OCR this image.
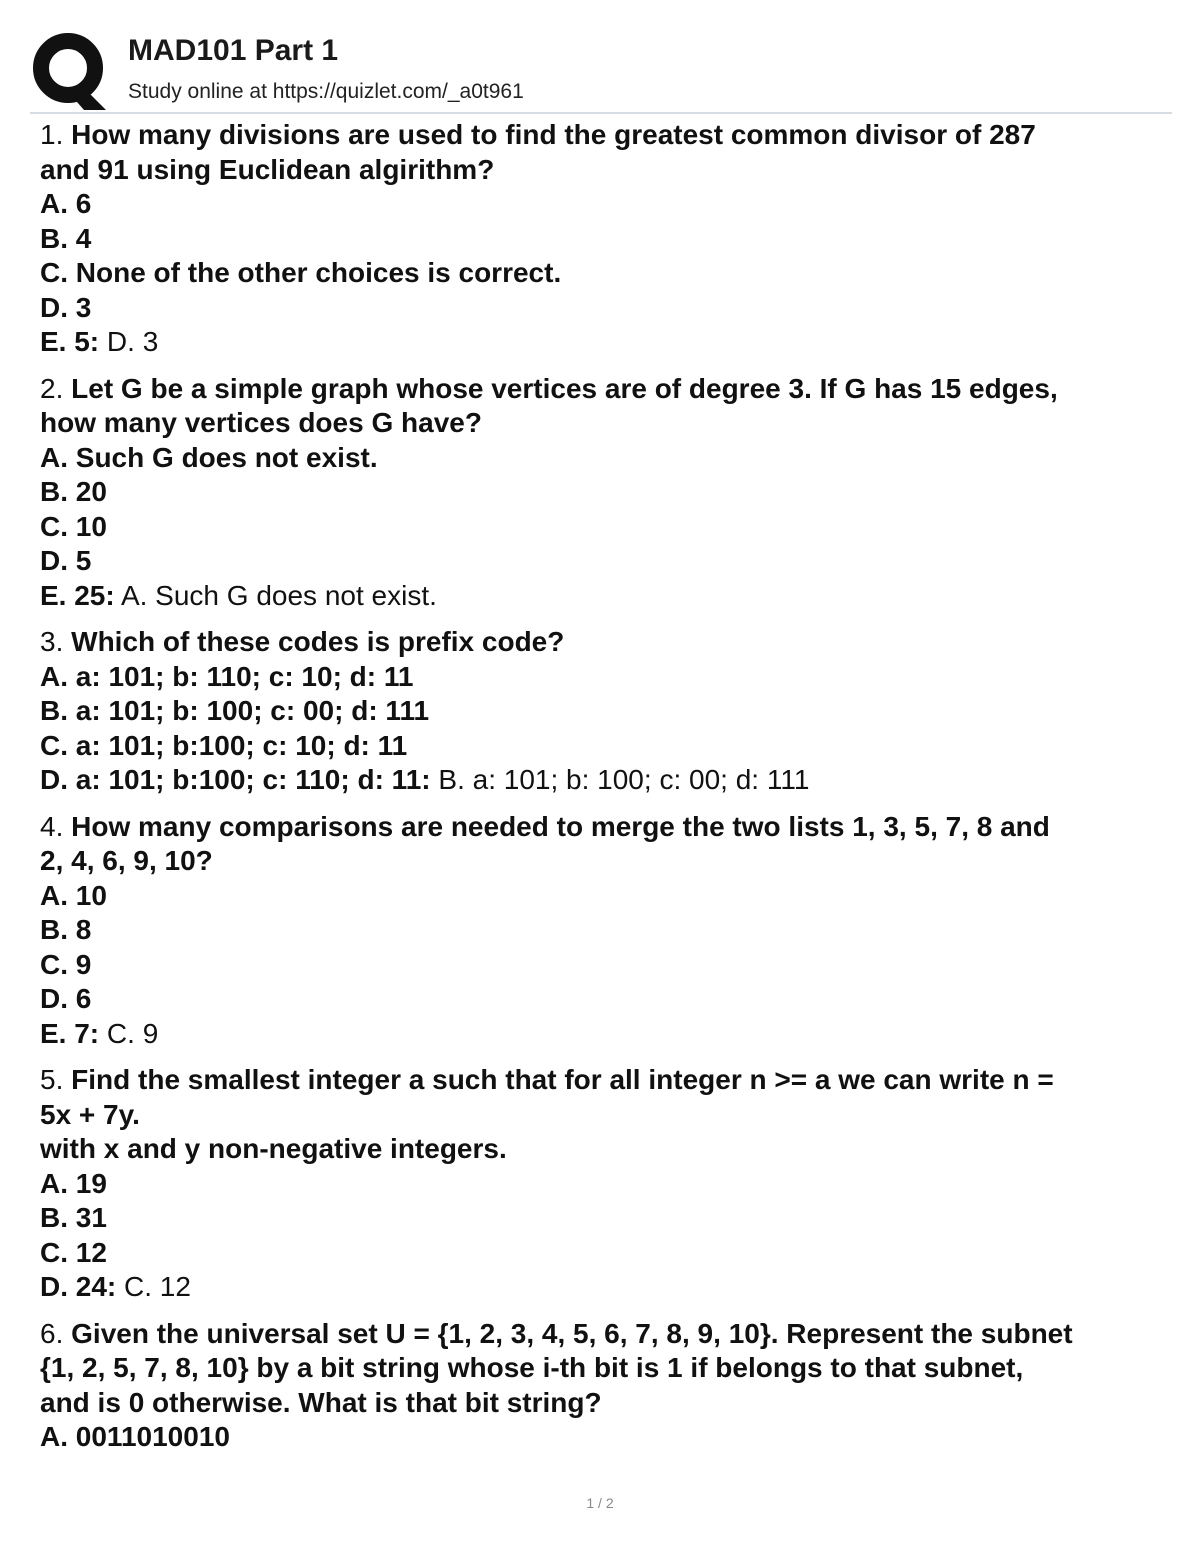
MAD101 Part 1
Study online at https://quizlet.com/_a0t961
1. How many divisions are used to find the greatest common divisor of 287
and 91 using Euclidean algirithm?
A. 6
B. 4
C. None of the other choices is correct.
D. 3
E. 5: D. 3
2. Let G be a simple graph whose vertices are of degree 3. If G has 15 edges,
how many vertices does G have?
A. Such G does not exist.
B. 20
C. 10
D. 5
E. 25: A. Such G does not exist.
3. Which of these codes is prefix code?
A. a: 101; b: 110; c: 10; d: 11
B. a: 101; b: 100; c: 00; d: 111
C. a: 101; b:100; c: 10; d: 11
D. a: 101; b:100; c: 110; d: 11: B. a: 101; b: 100; c: 00; d: 111
4. How many comparisons are needed to merge the two lists 1, 3, 5, 7, 8 and
2, 4, 6, 9, 10?
A. 10
B. 8
C. 9
D. 6
E. 7: C. 9
5. Find the smallest integer a such that for all integer n >= a we can write n =
5x + 7y.
with x and y non-negative integers.
A. 19
B. 31
C. 12
D. 24: C. 12
6. Given the universal set U = {1, 2, 3, 4, 5, 6, 7, 8, 9, 10}. Represent the subnet
{1, 2, 5, 7, 8, 10} by a bit string whose i-th bit is 1 if belongs to that subnet,
and is 0 otherwise. What is that bit string?
A. 0011010010
1 / 2
